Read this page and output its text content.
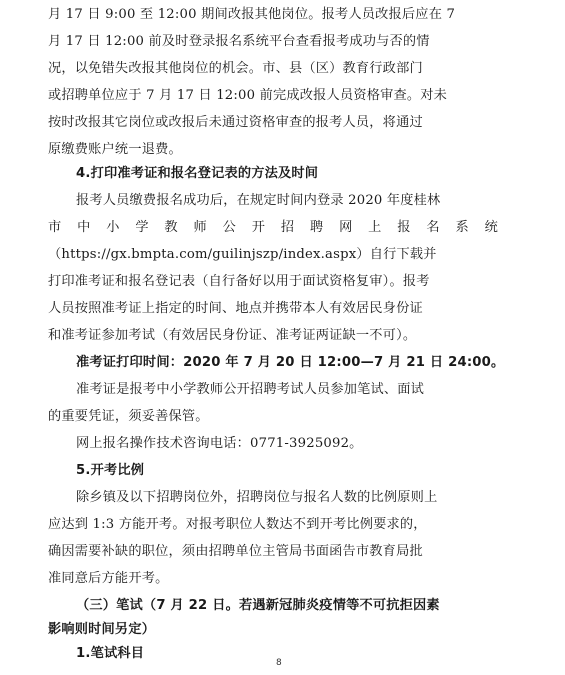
月 17 日 9:00 至 12:00 期间改报其他岗位。报考人员改报后应在 7
月 17 日 12:00 前及时登录报名系统平台查看报考成功与否的情
况，以免错失改报其他岗位的机会。市、县（区）教育行政部门
或招聘单位应于 7 月 17 日 12:00 前完成改报人员资格审查。对未
按时改报其它岗位或改报后未通过资格审查的报考人员，将通过
原缴费账户统一退费。
4.打印准考证和报名登记表的方法及时间
报考人员缴费报名成功后，在规定时间内登录 2020 年度桂林
市中小学教师公开招聘网上报名系统
（https://gx.bmpta.com/guilinjszp/index.aspx）自行下载并
打印准考证和报名登记表（自行备好以用于面试资格复审）。报考
人员按照准考证上指定的时间、地点并携带本人有效居民身份证
和准考证参加考试（有效居民身份证、准考证两证缺一不可）。
准考证打印时间：2020 年 7 月 20 日 12:00—7 月 21 日 24:00。
准考证是报考中小学教师公开招聘考试人员参加笔试、面试
的重要凭证，须妥善保管。
网上报名操作技术咨询电话：0771-3925092。
5.开考比例
除乡镇及以下招聘岗位外，招聘岗位与报名人数的比例原则上
应达到 1:3 方能开考。对报考职位人数达不到开考比例要求的，
确因需要补缺的职位，须由招聘单位主管局书面函告市教育局批
准同意后方能开考。
（三）笔试（7 月 22 日。若遇新冠肺炎疫情等不可抗拒因素
影响则时间另定）
1.笔试科目
8
